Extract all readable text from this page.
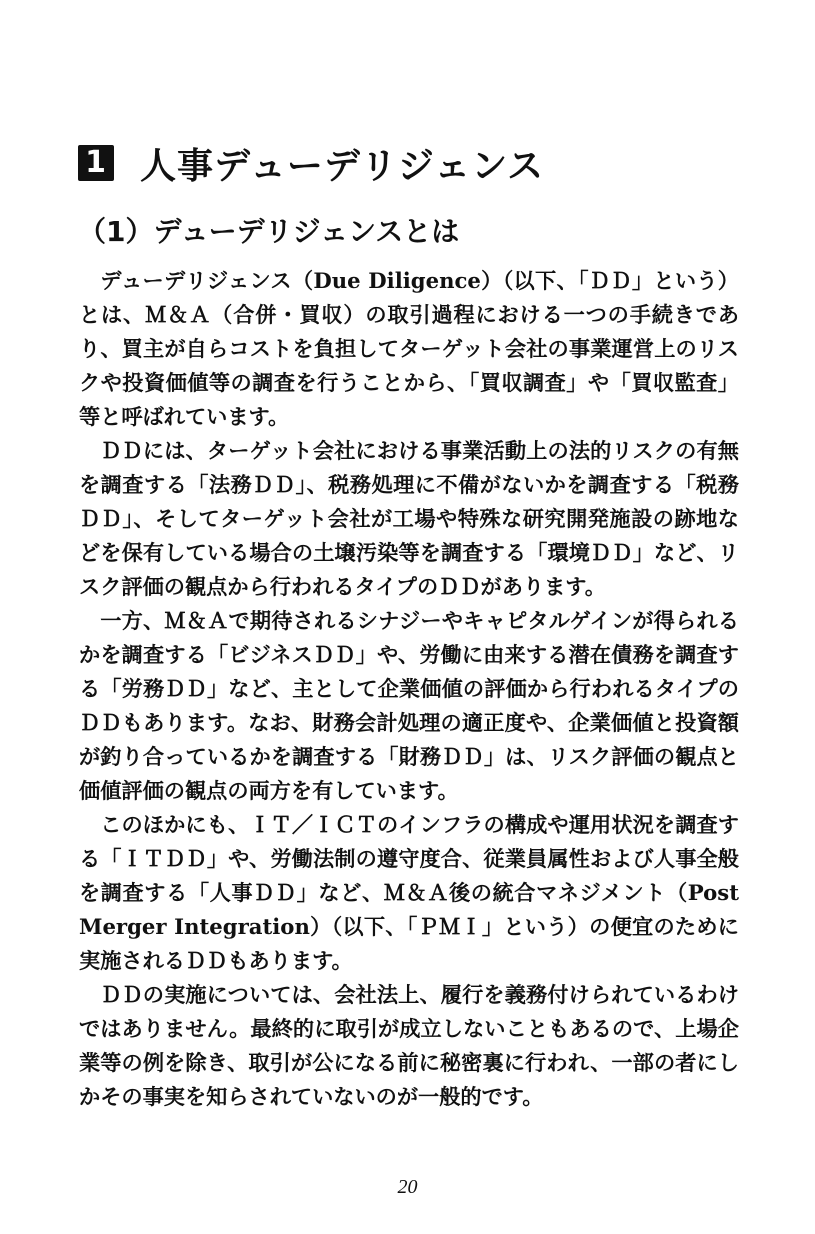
1 人事デューデリジェンス
（1）デューデリジェンスとは

デューデリジェンス（Due Diligence）（以下、「ＤＤ」という）とは、Ｍ＆Ａ（合併・買収）の取引過程における一つの手続きであり、買主が自らコストを負担してターゲット会社の事業運営上のリスクや投資価値等の調査を行うことから、「買収調査」や「買収監査」等と呼ばれています。

ＤＤには、ターゲット会社における事業活動上の法的リスクの有無を調査する「法務ＤＤ」、税務処理に不備がないかを調査する「税務ＤＤ」、そしてターゲット会社が工場や特殊な研究開発施設の跡地などを保有している場合の土壌汚染等を調査する「環境ＤＤ」など、リスク評価の観点から行われるタイプのＤＤがあります。

一方、Ｍ＆Ａで期待されるシナジーやキャピタルゲインが得られるかを調査する「ビジネスＤＤ」や、労働に由来する潜在債務を調査する「労務ＤＤ」など、主として企業価値の評価から行われるタイプのＤＤもあります。なお、財務会計処理の適正度や、企業価値と投資額が釣り合っているかを調査する「財務ＤＤ」は、リスク評価の観点と価値評価の観点の両方を有しています。

このほかにも、ＩＴ／ＩＣＴのインフラの構成や運用状況を調査する「ＩＴＤＤ」や、労働法制の遵守度合、従業員属性および人事全般を調査する「人事ＤＤ」など、Ｍ＆Ａ後の統合マネジメント（Post Merger Integration）（以下、「ＰＭＩ」という）の便宜のために実施されるＤＤもあります。

ＤＤの実施については、会社法上、履行を義務付けられているわけではありません。最終的に取引が成立しないこともあるので、上場企業等の例を除き、取引が公になる前に秘密裏に行われ、一部の者にしかその事実を知らされていないのが一般的です。

20
